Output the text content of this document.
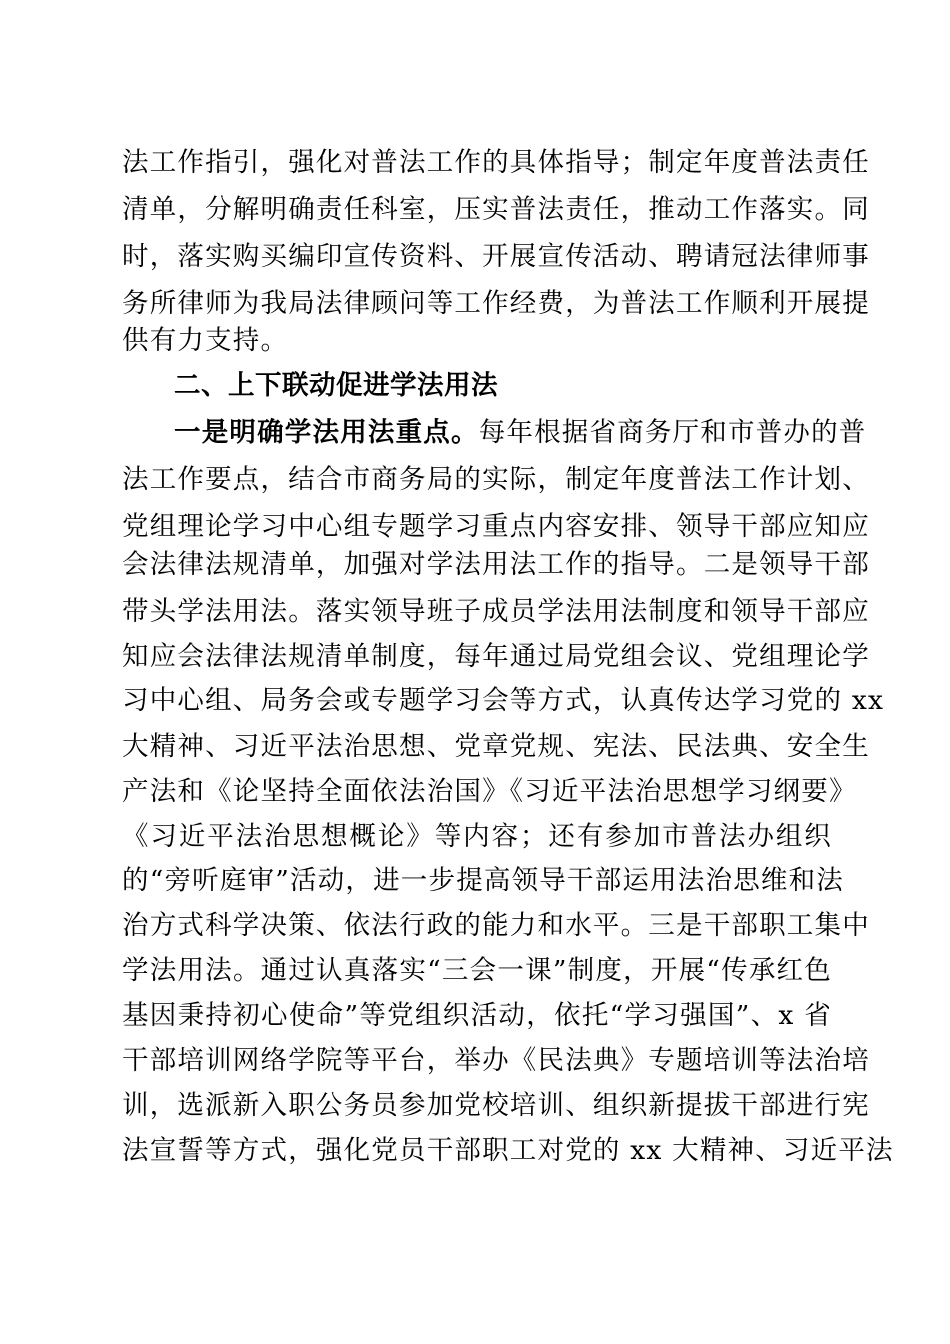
法工作指引，强化对普法工作的具体指导；制定年度普法责任
清单，分解明确责任科室，压实普法责任，推动工作落实。同
时，落实购买编印宣传资料、开展宣传活动、聘请冠法律师事
务所律师为我局法律顾问等工作经费，为普法工作顺利开展提
供有力支持。
二、上下联动促进学法用法
一是明确学法用法重点。每年根据省商务厅和市普办的普
法工作要点，结合市商务局的实际，制定年度普法工作计划、
党组理论学习中心组专题学习重点内容安排、领导干部应知应
会法律法规清单，加强对学法用法工作的指导。二是领导干部
带头学法用法。落实领导班子成员学法用法制度和领导干部应
知应会法律法规清单制度，每年通过局党组会议、党组理论学
习中心组、局务会或专题学习会等方式，认真传达学习党的 xx
大精神、习近平法治思想、党章党规、宪法、民法典、安全生
产法和《论坚持全面依法治国》《习近平法治思想学习纲要》
《习近平法治思想概论》等内容；还有参加市普法办组织
的“旁听庭审”活动，进一步提高领导干部运用法治思维和法
治方式科学决策、依法行政的能力和水平。三是干部职工集中
学法用法。通过认真落实“三会一课”制度，开展“传承红色
基因秉持初心使命”等党组织活动，依托“学习强国”、x 省
干部培训网络学院等平台，举办《民法典》专题培训等法治培
训，选派新入职公务员参加党校培训、组织新提拔干部进行宪
法宣誓等方式，强化党员干部职工对党的 xx 大精神、习近平法
